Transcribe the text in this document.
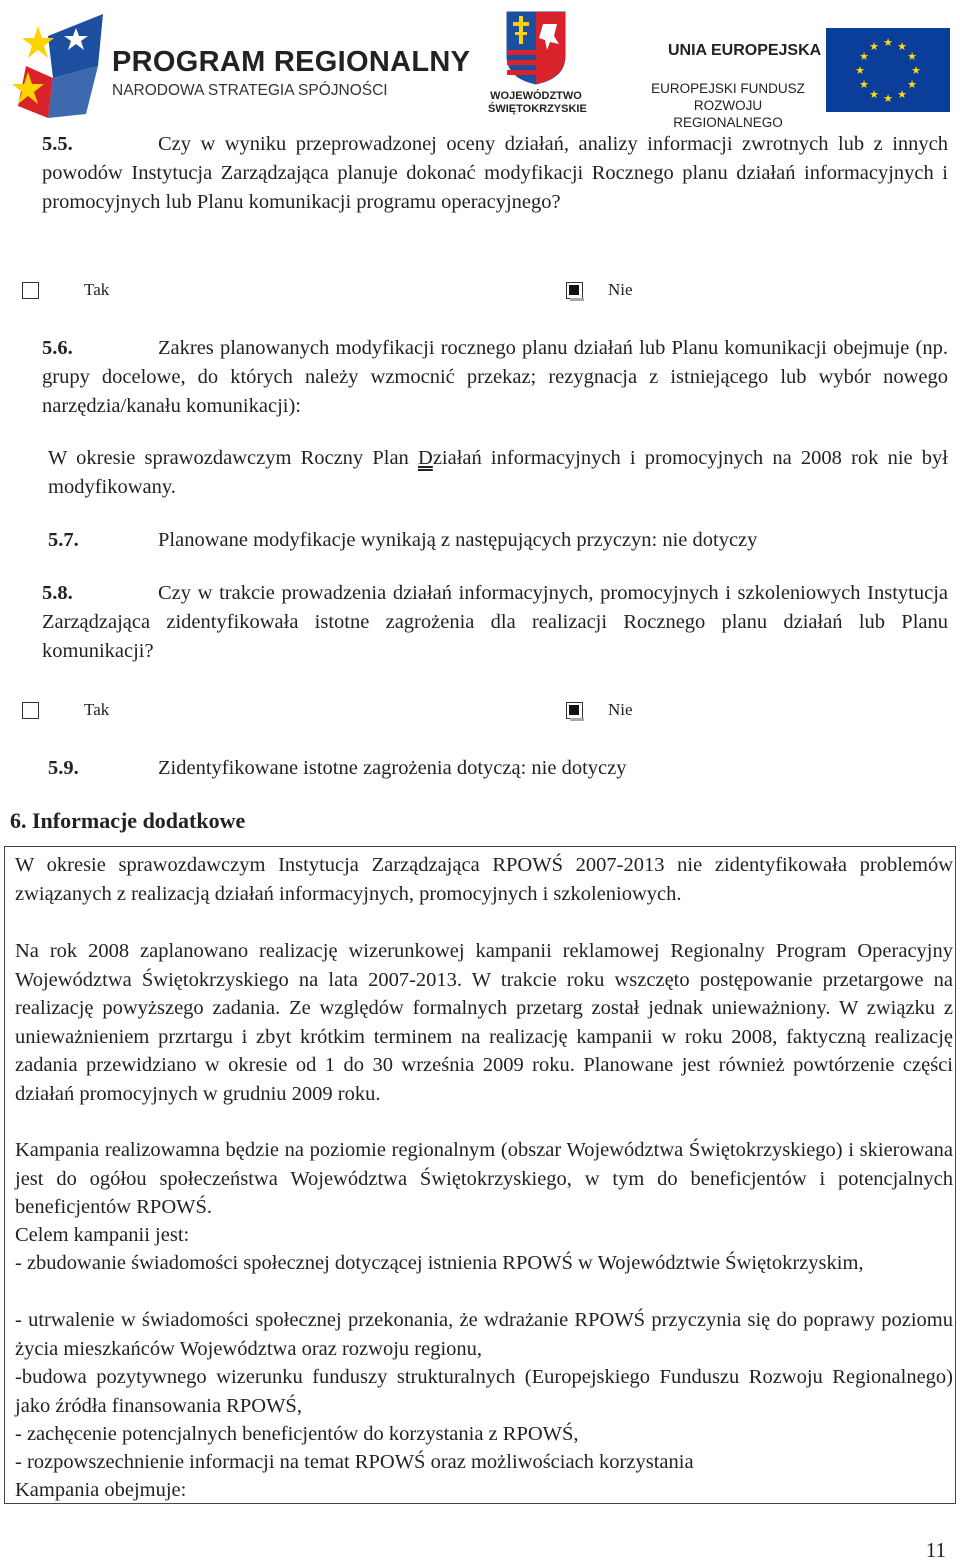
PROGRAM REGIONALNY
NARODOWA STRATEGIA SPÓJNOŚCI	WOJEWÓDZTWO
ŚWIĘTOKRZYSKIE
UNIA EUROPEJSKA
EUROPEJSKI FUNDUSZ
ROZWOJU REGIONALNEGO
★ ★
★
★
★
★
★
★
★
★
★
★
5.5.	Czy w wyniku przeprowadzonej oceny działań, analizy informacji zwrotnych lub z innych powodów Instytucja Zarządzająca planuje dokonać modyfikacji Rocznego planu działań informacyjnych i promocyjnych lub Planu komunikacji programu operacyjnego?
Tak	Nie
5.6.	Zakres planowanych modyfikacji rocznego planu działań lub Planu komunikacji obejmuje (np. grupy docelowe, do których należy wzmocnić przekaz; rezygnacja z istniejącego lub wybór nowego narzędzia/kanału komunikacji):
W okresie sprawozdawczym Roczny Plan Działań informacyjnych i promocyjnych na 2008 rok nie był modyfikowany.
5.7.	Planowane modyfikacje wynikają z następujących przyczyn: nie dotyczy
5.8.	Czy w trakcie prowadzenia działań informacyjnych, promocyjnych i szkoleniowych Instytucja Zarządzająca zidentyfikowała istotne zagrożenia dla realizacji Rocznego planu działań lub Planu komunikacji?
Tak	Nie
5.9.	Zidentyfikowane istotne zagrożenia dotyczą: nie dotyczy
6. Informacje dodatkowe
W okresie sprawozdawczym Instytucja Zarządzająca RPOWŚ 2007-2013 nie zidentyfikowała problemów związanych z realizacją działań informacyjnych, promocyjnych i szkoleniowych.
Na rok 2008 zaplanowano realizację wizerunkowej kampanii reklamowej Regionalny Program Operacyjny Województwa Świętokrzyskiego na lata 2007-2013. W trakcie roku wszczęto postępowanie przetargowe na realizację powyższego zadania. Ze względów formalnych przetarg został jednak unieważniony. W związku z unieważnieniem przrtargu i zbyt krótkim terminem na realizację kampanii w roku 2008, faktyczną realizację zadania przewidziano w okresie od 1 do 30 września 2009 roku. Planowane jest również powtórzenie części działań promocyjnych w grudniu 2009 roku.
Kampania realizowamna będzie na poziomie regionalnym (obszar Województwa Świętokrzyskiego) i skierowana jest do ogółou społeczeństwa Województwa Świętokrzyskiego, w tym do beneficjentów i potencjalnych beneficjentów RPOWŚ.
Celem kampanii jest:
- zbudowanie świadomości społecznej dotyczącej istnienia RPOWŚ w Województwie Świętokrzyskim,
- utrwalenie w świadomości społecznej przekonania, że wdrażanie RPOWŚ przyczynia się do poprawy poziomu życia mieszkańców Województwa oraz rozwoju regionu,
-budowa pozytywnego wizerunku funduszy strukturalnych (Europejskiego Funduszu Rozwoju Regionalnego) jako źródła finansowania RPOWŚ,
- zachęcenie potencjalnych beneficjentów do korzystania z RPOWŚ,
- rozpowszechnienie informacji na temat RPOWŚ oraz możliwościach korzystania
Kampania obejmuje:
11
